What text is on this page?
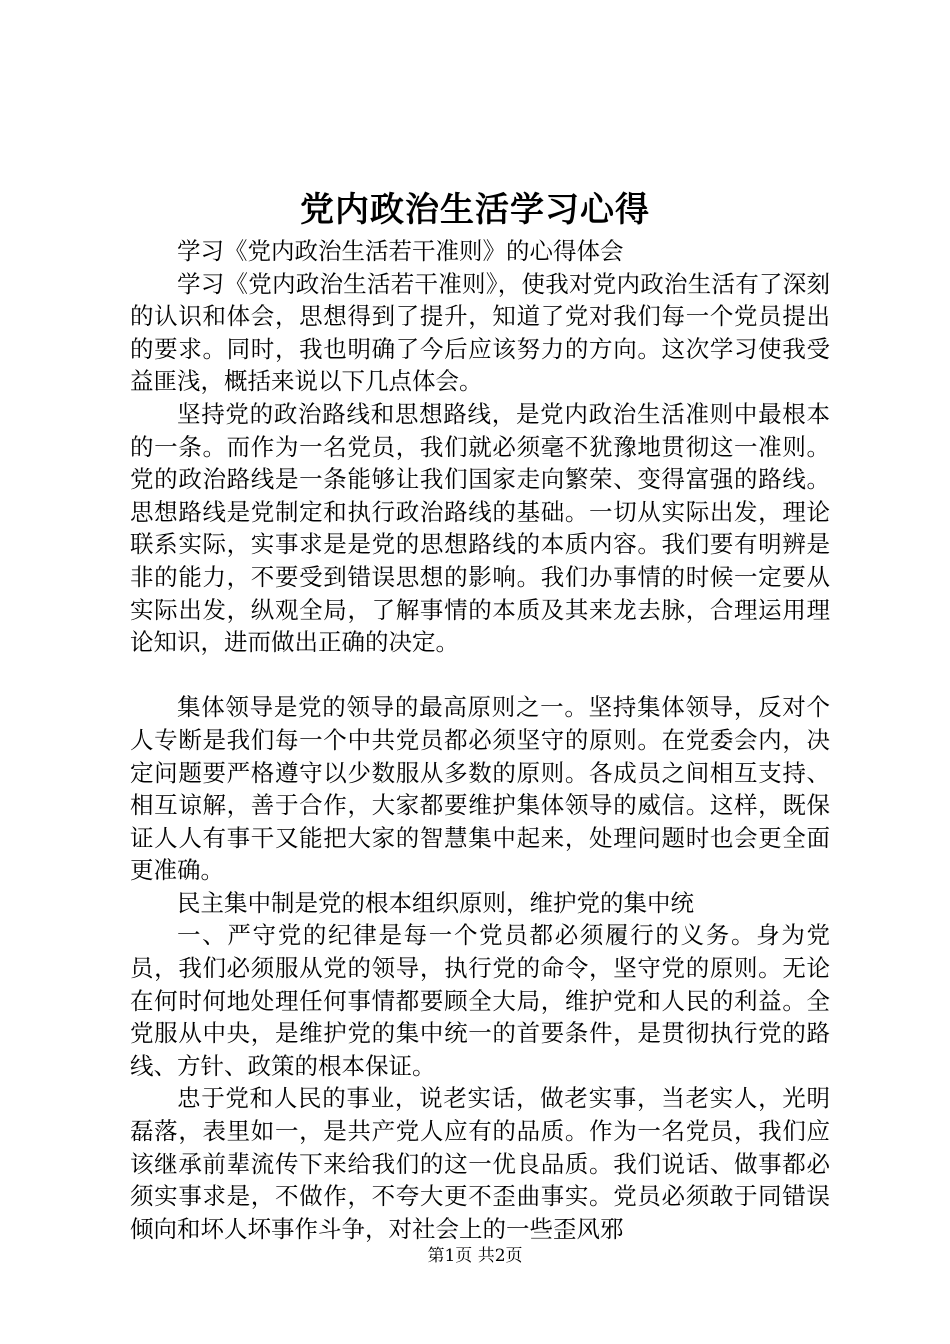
党内政治生活学习心得

学习《党内政治生活若干准则》的心得体会

学习《党内政治生活若干准则》，使我对党内政治生活有了深刻的认识和体会，思想得到了提升，知道了党对我们每一个党员提出的要求。同时，我也明确了今后应该努力的方向。这次学习使我受益匪浅，概括来说以下几点体会。

坚持党的政治路线和思想路线，是党内政治生活准则中最根本的一条。而作为一名党员，我们就必须毫不犹豫地贯彻这一准则。党的政治路线是一条能够让我们国家走向繁荣、变得富强的路线。思想路线是党制定和执行政治路线的基础。一切从实际出发，理论联系实际，实事求是是党的思想路线的本质内容。我们要有明辨是非的能力，不要受到错误思想的影响。我们办事情的时候一定要从实际出发，纵观全局，了解事情的本质及其来龙去脉，合理运用理论知识，进而做出正确的决定。

集体领导是党的领导的最高原则之一。坚持集体领导，反对个人专断是我们每一个中共党员都必须坚守的原则。在党委会内，决定问题要严格遵守以少数服从多数的原则。各成员之间相互支持、相互谅解，善于合作，大家都要维护集体领导的威信。这样，既保证人人有事干又能把大家的智慧集中起来，处理问题时也会更全面更准确。

民主集中制是党的根本组织原则，维护党的集中统

一、严守党的纪律是每一个党员都必须履行的义务。身为党员，我们必须服从党的领导，执行党的命令，坚守党的原则。无论在何时何地处理任何事情都要顾全大局，维护党和人民的利益。全党服从中央，是维护党的集中统一的首要条件，是贯彻执行党的路线、方针、政策的根本保证。

忠于党和人民的事业，说老实话，做老实事，当老实人，光明磊落，表里如一，是共产党人应有的品质。作为一名党员，我们应该继承前辈流传下来给我们的这一优良品质。我们说话、做事都必须实事求是，不做作，不夸大更不歪曲事实。党员必须敢于同错误倾向和坏人坏事作斗争，对社会上的一些歪风邪

第1页 共2页
